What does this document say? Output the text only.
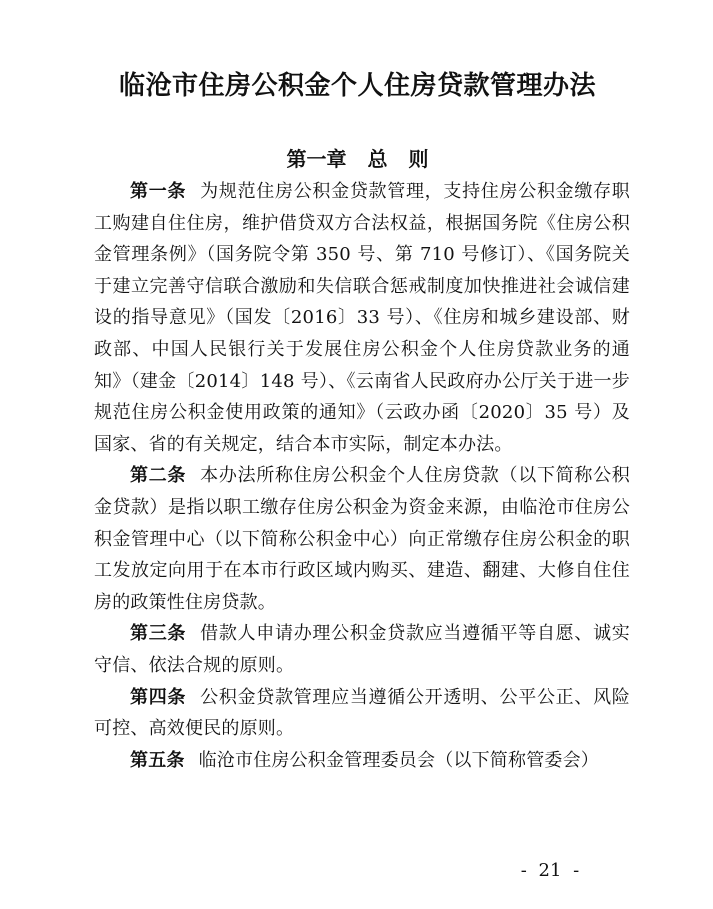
临沧市住房公积金个人住房贷款管理办法
第一章 总 则

第一条 为规范住房公积金贷款管理，支持住房公积金缴存职工购建自住住房，维护借贷双方合法权益，根据国务院《住房公积金管理条例》（国务院令第 350 号、第 710 号修订）、《国务院关于建立完善守信联合激励和失信联合惩戒制度加快推进社会诚信建设的指导意见》（国发〔2016〕33 号）、《住房和城乡建设部、财政部、中国人民银行关于发展住房公积金个人住房贷款业务的通知》（建金〔2014〕148 号）、《云南省人民政府办公厅关于进一步规范住房公积金使用政策的通知》（云政办函〔2020〕35 号）及国家、省的有关规定，结合本市实际，制定本办法。

第二条 本办法所称住房公积金个人住房贷款（以下简称公积金贷款）是指以职工缴存住房公积金为资金来源，由临沧市住房公积金管理中心（以下简称公积金中心）向正常缴存住房公积金的职工发放定向用于在本市行政区域内购买、建造、翻建、大修自住住房的政策性住房贷款。

第三条 借款人申请办理公积金贷款应当遵循平等自愿、诚实守信、依法合规的原则。

第四条 公积金贷款管理应当遵循公开透明、公平公正、风险可控、高效便民的原则。

第五条 临沧市住房公积金管理委员会（以下简称管委会）

- 21 -
